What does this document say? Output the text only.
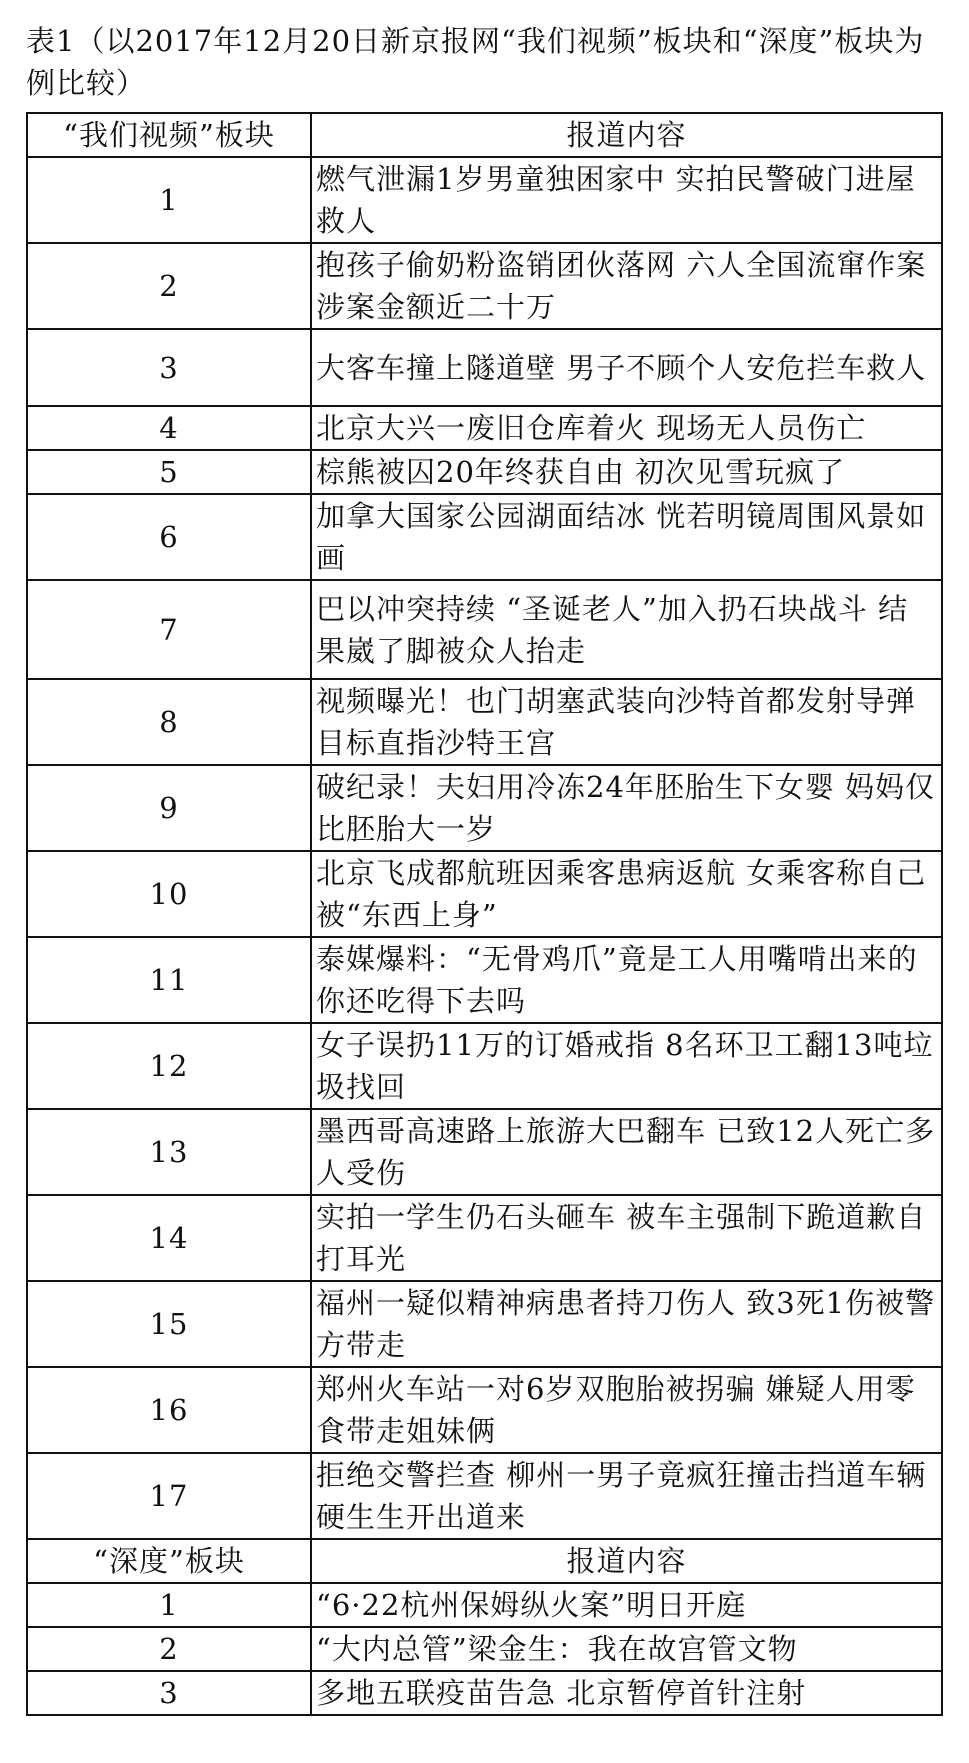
表1（以2017年12月20日新京报网“我们视频”板块和“深度”板块为例比较）
“我们视频”板块	报道内容
1	燃气泄漏1岁男童独困家中 实拍民警破门进屋救人
2	抱孩子偷奶粉盗销团伙落网 六人全国流窜作案涉案金额近二十万
3	大客车撞上隧道壁 男子不顾个人安危拦车救人
4	北京大兴一废旧仓库着火 现场无人员伤亡
5	棕熊被囚20年终获自由 初次见雪玩疯了
6	加拿大国家公园湖面结冰 恍若明镜周围风景如画
7	巴以冲突持续 “圣诞老人”加入扔石块战斗 结果崴了脚被众人抬走
8	视频曝光！也门胡塞武装向沙特首都发射导弹 目标直指沙特王宫
9	破纪录！夫妇用冷冻24年胚胎生下女婴 妈妈仅比胚胎大一岁
10	北京飞成都航班因乘客患病返航 女乘客称自己被“东西上身”
11	泰媒爆料：“无骨鸡爪”竟是工人用嘴啃出来的 你还吃得下去吗
12	女子误扔11万的订婚戒指 8名环卫工翻13吨垃圾找回
13	墨西哥高速路上旅游大巴翻车 已致12人死亡多人受伤
14	实拍一学生仍石头砸车 被车主强制下跪道歉自打耳光
15	福州一疑似精神病患者持刀伤人 致3死1伤被警方带走
16	郑州火车站一对6岁双胞胎被拐骗 嫌疑人用零食带走姐妹俩
17	拒绝交警拦查 柳州一男子竟疯狂撞击挡道车辆 硬生生开出道来
“深度”板块	报道内容
1	“6·22杭州保姆纵火案”明日开庭
2	“大内总管”梁金生：我在故宫管文物
3	多地五联疫苗告急 北京暂停首针注射
